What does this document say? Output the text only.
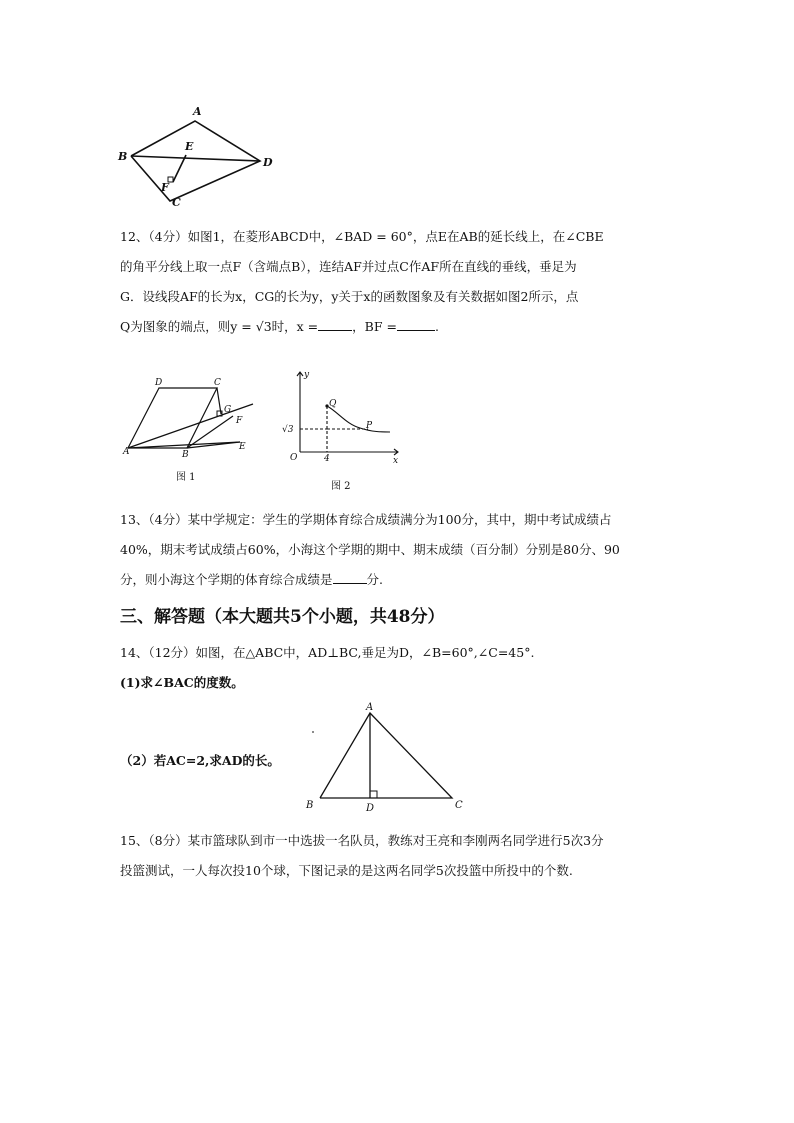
A
B
C
D
E
F
12、（4分）如图1，在菱形ABCD中，∠BAD = 60°，点E在AB的延长线上，在∠CBE
的角平分线上取一点F（含端点B），连结AF并过点C作AF所在直线的垂线，垂足为
G．设线段AF的长为x，CG的长为y，y关于x的函数图象及有关数据如图2所示，点
Q为图象的端点，则y = √3时，x =	，BF =	.
D	C
G
F
A	B
E
图 1
y
Q
P
√3
O	4	x
图 2
13、（4分）某中学规定：学生的学期体育综合成绩满分为100分，其中，期中考试成绩占
40%，期末考试成绩占60%，小海这个学期的期中、期末成绩（百分制）分别是80分、90
分，则小海这个学期的体育综合成绩是	分.
三、解答题（本大题共5个小题，共48分）
14、（12分）如图，在△ABC中，AD⊥BC,垂足为D，∠B=60°,∠C=45°.
(1)求∠BAC的度数。
（2）若AC=2,求AD的长。
A
B	D	C
15、（8分）某市篮球队到市一中选拔一名队员，教练对王亮和李刚两名同学进行5次3分
投篮测试，一人每次投10个球，下图记录的是这两名同学5次投篮中所投中的个数.
